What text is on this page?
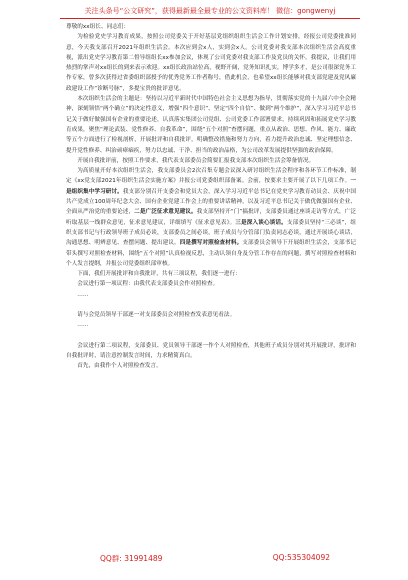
关注头条号“公文研究”，获得最新最全最专业的公文资料库！ 微信：gongwenyj

尊敬的xx组长、同志们：

为检验党史学习教育成果，按照公司党委关于开好基层党组织组织生活会工作计划安排，经报公司党委批准同意，今天我支部召开2021年组织生活会。本次应到会x人，实到会x人。公司党委对我支部本次组织生活会高度重视，派出党史学习教育第二督导组组长xx参加会议，体现了公司党委对我支部工作及党员的关怀。我提议，让我们用热烈的掌声对xx组长的到来表示欢迎。xx组长政治站位高，视野开阔，党务知识扎实，博学多才，是公司很深党务工作专家，曾多次获得过省委组织部授予的优秀党务工作者称号，借此机会，也希望xx组长能够对我支部党建及党风廉政建设工作“诊断号脉”，多提宝贵的批评意见。

本次组织生活会的主题是：坚持以习近平新时代中国特色社会主义思想为指导，贯彻落实党的十九届六中全会精神，深刻领悟“两个确立”的决定性意义，增强“四个意识”、坚定“四个自信”、做到“两个维护”，深入学习习近平总书记关于做好做强国有企业的重要论述，认真落实集团公司党组、公司党委工作部署要求，持续巩固和拓展党史学习教育成果，聚焦“理论武装、党性修养、自我革命”，围绕“五个对照”查摆问题，重点从政治、思想、作风、能力、廉政等五个方面进行了检视剖析，开展批评和自我批评，明确整改措施和努力方向，着力提升政治忠诚、坚定理想信念、提升党性修养、纠治顽瘴痼疾，努力以忠诚、干净、担当的政治品格，为公司改革发展提供坚强的政治保障。

开展自我批评前，按照工作要求，我代表支部委员会简要汇报我支部本次组织生活会筹备情况。

为高质量开好本次组织生活会，我支部委员会2次召集专题会议深入研讨组织生活会程序和各环节工作标准，制定《xx党支部2021年组织生活会实施方案》并报公司党委组织部备案。会前，按要求主要开展了以下几项工作。一是组织集中学习研讨。我支部分别召开支委会和党员大会，深入学习习近平总书记在党史学习教育动员会、庆祝中国共产党成立100周年纪念大会、国有企业党建工作会上的重要讲话精神，以及习近平总书记关于做优做强国有企业、全面从严治党的重要论述，二是广泛征求意见建议。我支部坚持开“门”搞批评，支部委员通过座谈走访等方式，广泛听取基层一线群众意见，征求意见建议，详细填写《征求意见表》。三是深入谈心谈话。支部委员坚持“三必谈”，组织支部书记与行政领导班子成员必谈，支部委员之间必谈，班子成员与分管部门负责同志必谈，通过开展谈心谈话，沟通思想、明辨意见、查摆问题、提出建议。四是撰写对照检查材料。支部委员会领导下开展组织生活会，支部书记带头撰写对照检查材料，围绕“五个对照”认真检视反思，主动认领自身及分管工作存在的问题，撰写对照检查材料和个人发言提纲，并报公司党委组织部审核。

下面，我们开展批评和自我批评，共有三项议程，我们逐一进行：

会议进行第一项议程：由我代表支部委员会作对照检查。

……

请与会党员领导干部逐一对支部委员会对照检查发表意见看法。

……

会议进行第二项议程，支部委员、党员领导干部逐一作个人对照检查，其他班子成员分别对其开展批评，批评和自我批评时，请注意控制发言时间，力求精简真白。

首先，由我作个人对照检查发言。

QQ群: 31991489	QQ:535304092
